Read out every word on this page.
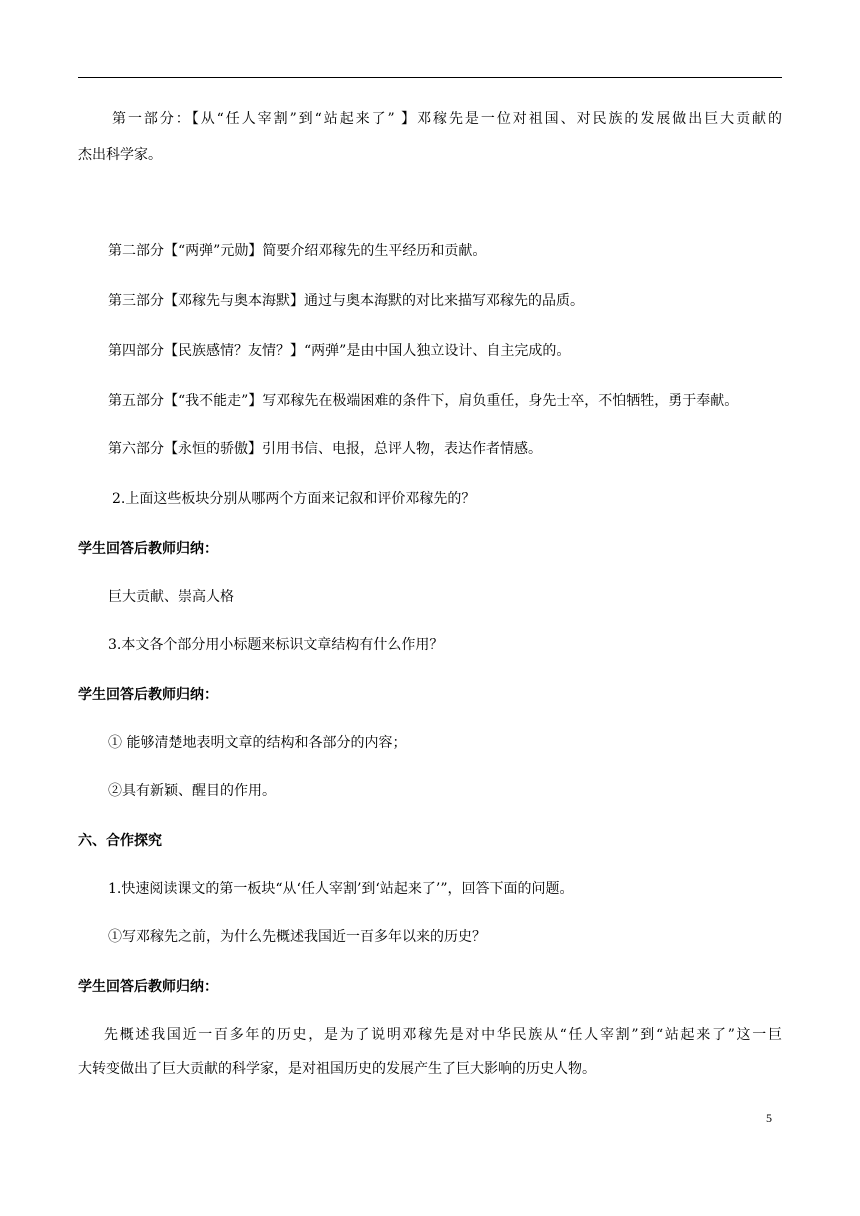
第一部分：【从“任人宰割”到“站起来了” 】邓稼先是一位对祖国、对民族的发展做出巨大贡献的
杰出科学家。
第二部分【“两弹”元勋】简要介绍邓稼先的生平经历和贡献。
第三部分【邓稼先与奥本海默】通过与奥本海默的对比来描写邓稼先的品质。
第四部分【民族感情？友情？】“两弹”是由中国人独立设计、自主完成的。
第五部分【“我不能走”】写邓稼先在极端困难的条件下，肩负重任，身先士卒，不怕牺牲，勇于奉献。
第六部分【永恒的骄傲】引用书信、电报，总评人物，表达作者情感。
2.上面这些板块分别从哪两个方面来记叙和评价邓稼先的？
学生回答后教师归纳：
巨大贡献、崇高人格
3.本文各个部分用小标题来标识文章结构有什么作用？
学生回答后教师归纳：
① 能够清楚地表明文章的结构和各部分的内容；
②具有新颖、醒目的作用。
六、合作探究
1.快速阅读课文的第一板块“从‘任人宰割’到‘站起来了’”，回答下面的问题。
①写邓稼先之前，为什么先概述我国近一百多年以来的历史？
学生回答后教师归纳：
先概述我国近一百多年的历史，是为了说明邓稼先是对中华民族从“任人宰割”到“站起来了”这一巨
大转变做出了巨大贡献的科学家，是对祖国历史的发展产生了巨大影响的历史人物。
5
